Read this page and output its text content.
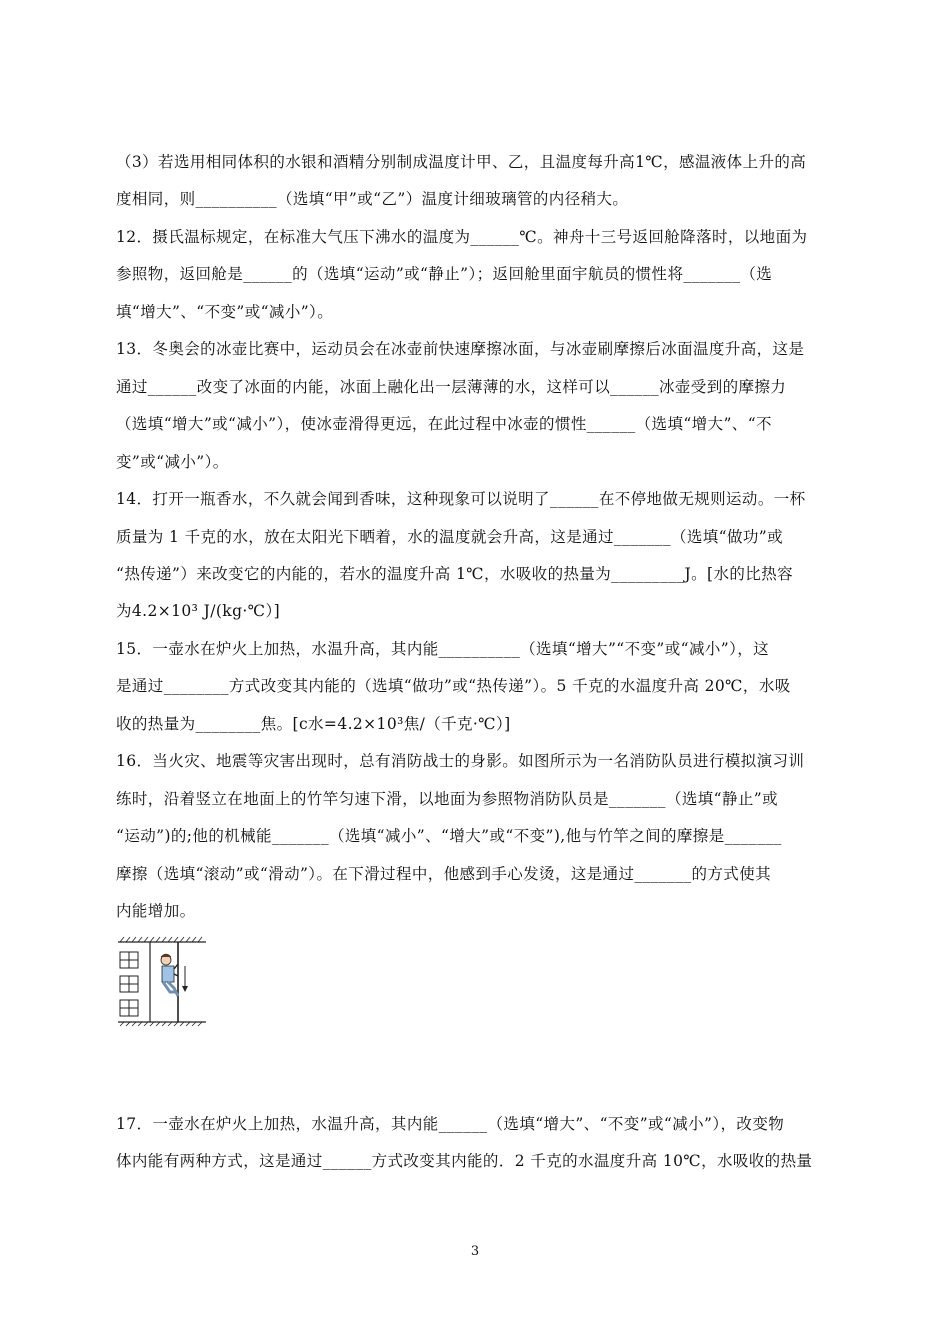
（3）若选用相同体积的水银和酒精分别制成温度计甲、乙，且温度每升高1℃，感温液体上升的高
度相同，则__________（选填“甲”或“乙”）温度计细玻璃管的内径稍大。
12．摄氏温标规定，在标准大气压下沸水的温度为______℃。神舟十三号返回舱降落时，以地面为
参照物，返回舱是______的（选填“运动”或“静止”）；返回舱里面宇航员的惯性将_______（选
填“增大”、“不变”或“减小”）。
13．冬奥会的冰壶比赛中，运动员会在冰壶前快速摩擦冰面，与冰壶刷摩擦后冰面温度升高，这是
通过______改变了冰面的内能，冰面上融化出一层薄薄的水，这样可以______冰壶受到的摩擦力
（选填“增大”或“减小”），使冰壶滑得更远，在此过程中冰壶的惯性______（选填“增大”、“不
变”或“减小”）。
14．打开一瓶香水，不久就会闻到香味，这种现象可以说明了______在不停地做无规则运动。一杯
质量为 1 千克的水，放在太阳光下晒着，水的温度就会升高，这是通过_______（选填“做功”或
“热传递”）来改变它的内能的，若水的温度升高 1℃，水吸收的热量为_________J。[水的比热容
为4.2×10³ J/(kg·℃）]
15．一壶水在炉火上加热，水温升高，其内能__________（选填“增大”“不变”或“减小”），这
是通过________方式改变其内能的（选填“做功”或“热传递”）。5 千克的水温度升高 20℃，水吸
收的热量为________焦。[c水=4.2×10³焦/（千克·℃）]
16．当火灾、地震等灾害出现时，总有消防战士的身影。如图所示为一名消防队员进行模拟演习训
练时，沿着竖立在地面上的竹竿匀速下滑，以地面为参照物消防队员是_______（选填“静止”或
“运动”)的;他的机械能_______（选填“减小”、“增大”或“不变”),他与竹竿之间的摩擦是_______
摩擦（选填“滚动”或“滑动”）。在下滑过程中，他感到手心发烫，这是通过_______的方式使其
内能增加。
17．一壶水在炉火上加热，水温升高，其内能______（选填“增大”、“不变”或“减小”），改变物
体内能有两种方式，这是通过______方式改变其内能的．2 千克的水温度升高 10℃，水吸收的热量
3
